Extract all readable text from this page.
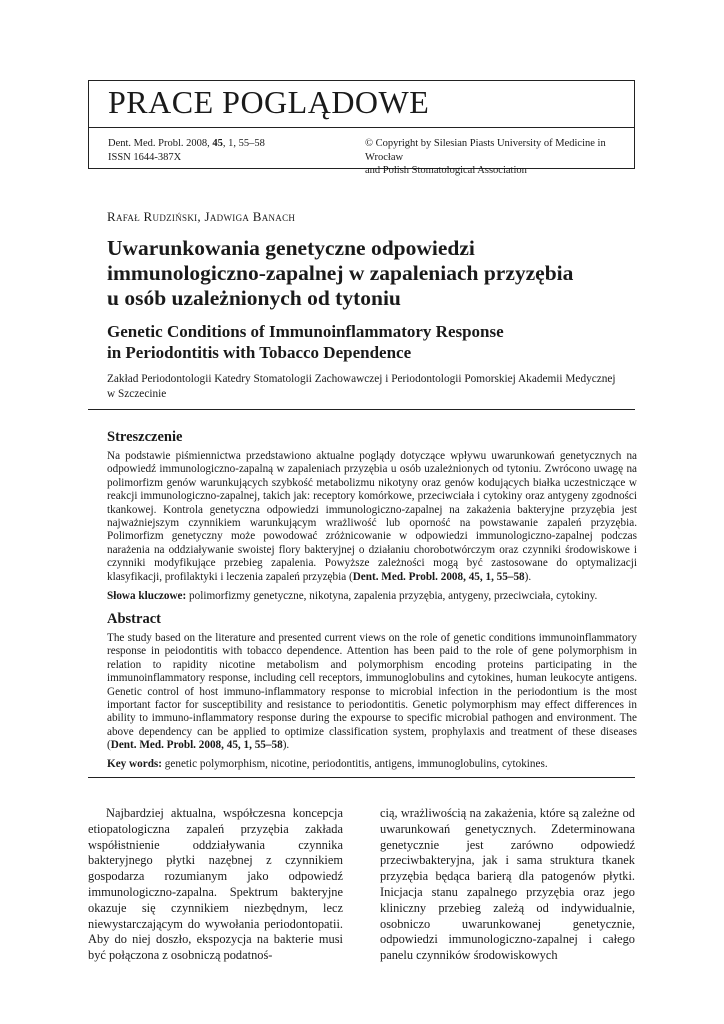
PRACE POGLĄDOWE
Dent. Med. Probl. 2008, 45, 1, 55–58
ISSN 1644-387X
© Copyright by Silesian Piasts University of Medicine in Wrocław
and Polish Stomatological Association
Rafał Rudziński, Jadwiga Banach
Uwarunkowania genetyczne odpowiedzi
immunologiczno-zapalnej w zapaleniach przyzębia
u osób uzależnionych od tytoniu
Genetic Conditions of Immunoinflammatory Response
in Periodontitis with Tobacco Dependence
Zakład Periodontologii Katedry Stomatologii Zachowawczej i Periodontologii Pomorskiej Akademii Medycznej
w Szczecinie
Streszczenie
Na podstawie piśmiennictwa przedstawiono aktualne poglądy dotyczące wpływu uwarunkowań genetycznych na odpowiedź immunologiczno-zapalną w zapaleniach przyzębia u osób uzależnionych od tytoniu. Zwrócono uwagę na polimorfizm genów warunkujących szybkość metabolizmu nikotyny oraz genów kodujących białka uczestniczące w reakcji immunologiczno-zapalnej, takich jak: receptory komórkowe, przeciwciała i cytokiny oraz antygeny zgodności tkankowej. Kontrola genetyczna odpowiedzi immunologiczno-zapalnej na zakażenia bakteryjne przyzębia jest najważniejszym czynnikiem warunkującym wrażliwość lub oporność na powstawanie zapaleń przyzębia. Polimorfizm genetyczny może powodować zróżnicowanie w odpowiedzi immunologiczno-zapalnej podczas narażenia na oddziaływanie swoistej flory bakteryjnej o działaniu chorobotwórczym oraz czynniki środowiskowe i czynniki modyfikujące przebieg zapalenia. Powyższe zależności mogą być zastosowane do optymalizacji klasyfikacji, profilaktyki i leczenia zapaleń przyzębia (Dent. Med. Probl. 2008, 45, 1, 55–58).
Słowa kluczowe: polimorfizmy genetyczne, nikotyna, zapalenia przyzębia, antygeny, przeciwciała, cytokiny.
Abstract
The study based on the literature and presented current views on the role of genetic conditions immunoinflammatory response in peiodontitis with tobacco dependence. Attention has been paid to the role of gene polymorphism in relation to rapidity nicotine metabolism and polymorphism encoding proteins participating in the immunoinflammatory response, including cell receptors, immunoglobulins and cytokines, human leukocyte antigens. Genetic control of host immuno-inflammatory response to microbial infection in the periodontium is the most important factor for susceptibility and resistance to periodontitis. Genetic polymorphism may effect differences in ability to immuno-inflammatory response during the expourse to specific microbial pathogen and environment. The above dependency can be applied to optimize classification system, prophylaxis and treatment of these diseases (Dent. Med. Probl. 2008, 45, 1, 55–58).
Key words: genetic polymorphism, nicotine, periodontitis, antigens, immunoglobulins, cytokines.
Najbardziej aktualna, współczesna koncepcja etiopatologiczna zapaleń przyzębia zakłada współistnienie oddziaływania czynnika bakteryjnego płytki nazębnej z czynnikiem gospodarza rozumianym jako odpowiedź immunologiczno-zapalna. Spektrum bakteryjne okazuje się czynnikiem niezbędnym, lecz niewystarczającym do wywołania periodontopatii. Aby do niej doszło, ekspozycja na bakterie musi być połączona z osobniczą podatnoś-
cią, wrażliwością na zakażenia, które są zależne od uwarunkowań genetycznych. Zdeterminowana genetycznie jest zarówno odpowiedź przeciwbakteryjna, jak i sama struktura tkanek przyzębia będąca barierą dla patogenów płytki. Inicjacja stanu zapalnego przyzębia oraz jego kliniczny przebieg zależą od indywidualnie, osobniczo uwarunkowanej genetycznie, odpowiedzi immunologiczno-zapalnej i całego panelu czynników środowiskowych
